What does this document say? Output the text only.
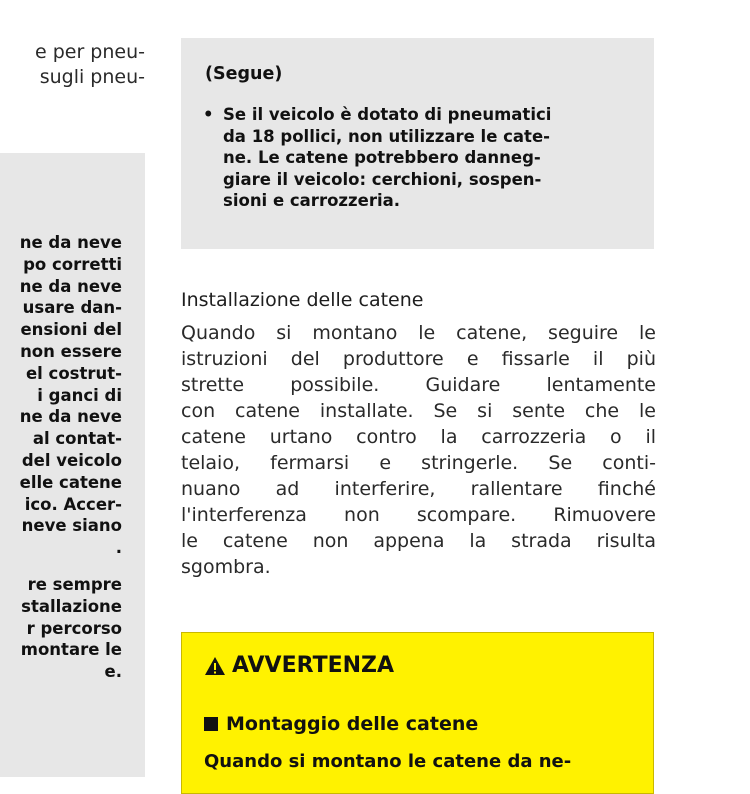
e per pneu-
sugli pneu-
ne da neve
po corretti
ne da neve
usare dan-
ensioni del
non essere
el costrut-
i ganci di
ne da neve
al contat-
del veicolo
elle catene
ico. Accer-
neve siano
.
re sempre
stallazione
r percorso
montare le
e.
(Segue)
• Se il veicolo è dotato di pneumatici
da 18 pollici, non utilizzare le cate-
ne. Le catene potrebbero danneg-
giare il veicolo: cerchioni, sospen-
sioni e carrozzeria.
Installazione delle catene
Quando si montano le catene, seguire le
istruzioni del produttore e fissarle il più
strette possibile. Guidare lentamente
con catene installate. Se si sente che le
catene urtano contro la carrozzeria o il
telaio, fermarsi e stringerle. Se conti-
nuano ad interferire, rallentare finché
l'interferenza non scompare. Rimuovere
le catene non appena la strada risulta
sgombra.
AVVERTENZA
Montaggio delle catene
Quando si montano le catene da ne-
